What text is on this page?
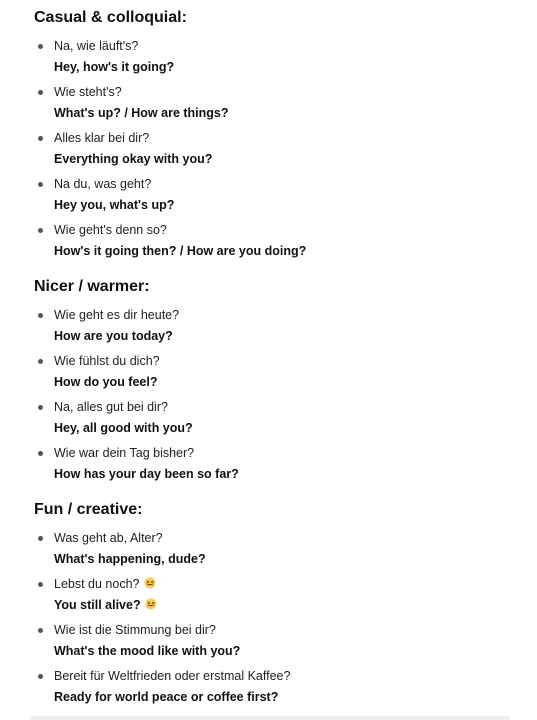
Casual & colloquial:
Na, wie läuft's?
Hey, how's it going?
Wie steht's?
What's up? / How are things?
Alles klar bei dir?
Everything okay with you?
Na du, was geht?
Hey you, what's up?
Wie geht's denn so?
How's it going then? / How are you doing?
Nicer / warmer:
Wie geht es dir heute?
How are you today?
Wie fühlst du dich?
How do you feel?
Na, alles gut bei dir?
Hey, all good with you?
Wie war dein Tag bisher?
How has your day been so far?
Fun / creative:
Was geht ab, Alter?
What's happening, dude?
Lebst du noch?
You still alive?
Wie ist die Stimmung bei dir?
What's the mood like with you?
Bereit für Weltfrieden oder erstmal Kaffee?
Ready for world peace or coffee first?
